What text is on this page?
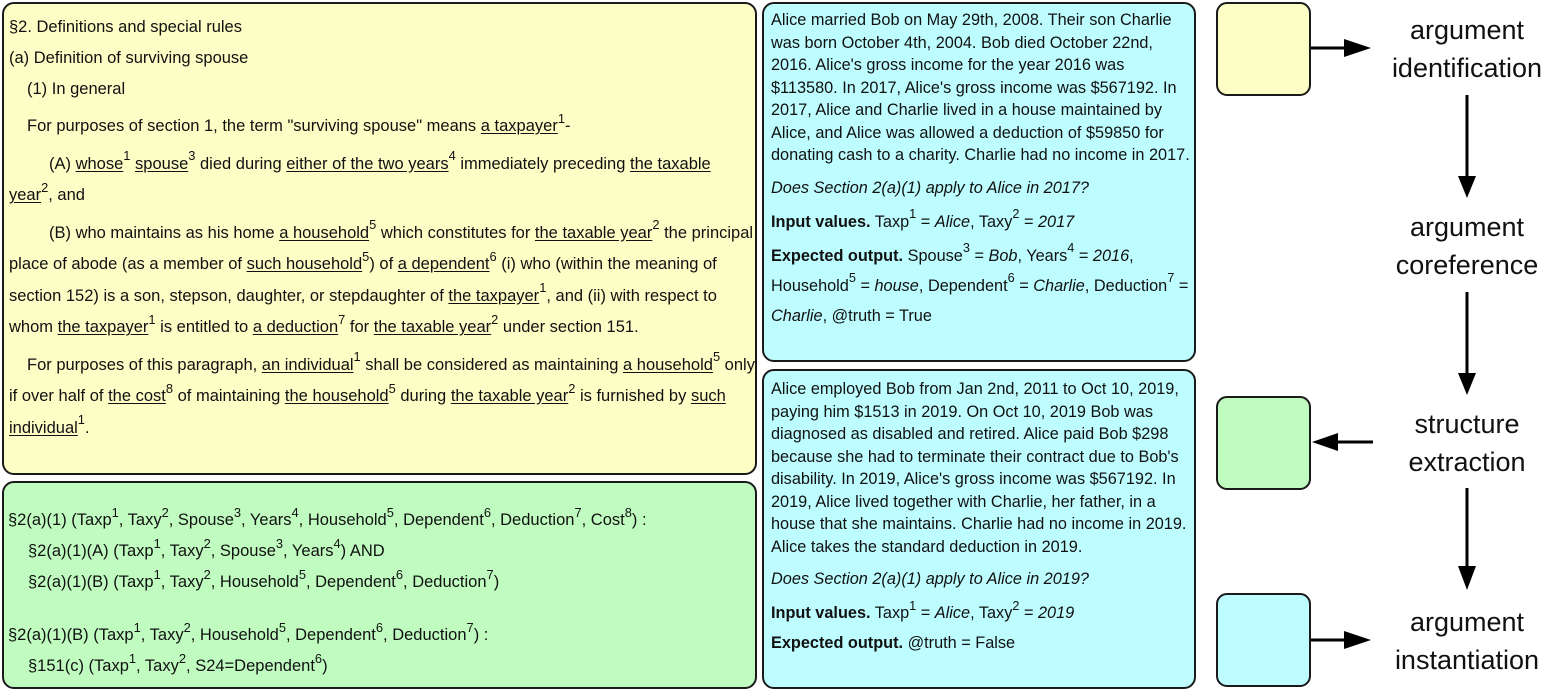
§2. Definitions and special rules

(a) Definition of surviving spouse

(1) In general

For purposes of section 1, the term "surviving spouse" means a taxpayer$^1$-

(A) whose$^1$ spouse$^3$ died during either of the two years$^4$ immediately preceding the taxable year$^2$, and

(B) who maintains as his home a household$^5$ which constitutes for the taxable year$^2$ the principal place of abode (as a member of such household$^5$) of a dependent$^6$ (i) who (within the meaning of section 152) is a son, stepson, daughter, or stepdaughter of the taxpayer$^1$, and (ii) with respect to whom the taxpayer$^1$ is entitled to a deduction$^7$ for the taxable year$^2$ under section 151.

For purposes of this paragraph, an individual$^1$ shall be considered as maintaining a household$^5$ only if over half of the cost$^8$ of maintaining the household$^5$ during the taxable year$^2$ is furnished by such individual$^1$.

§2(a)(1) (Taxp$^1$, Taxy$^2$, Spouse$^3$, Years$^4$, Household$^5$, Dependent$^6$, Deduction$^7$, Cost$^8$) :
§2(a)(1)(A) (Taxp$^1$, Taxy$^2$, Spouse$^3$, Years$^4$) AND
§2(a)(1)(B) (Taxp$^1$, Taxy$^2$, Household$^5$, Dependent$^6$, Deduction$^7$)
§2(a)(1)(B) (Taxp$^1$, Taxy$^2$, Household$^5$, Dependent$^6$, Deduction$^7$) :
§151(c) (Taxp$^1$, Taxy$^2$, S24=Dependent$^6$)
Alice married Bob on May 29th, 2008. Their son Charlie was born October 4th, 2004. Bob died October 22nd, 2016. Alice's gross income for the year 2016 was $113580. In 2017, Alice's gross income was $567192. In 2017, Alice and Charlie lived in a house maintained by Alice, and Alice was allowed a deduction of $59850 for donating cash to a charity. Charlie had no income in 2017.
Does Section 2(a)(1) apply to Alice in 2017?
Input values. Taxp$^1$ = Alice, Taxy$^2$ = 2017
Expected output. Spouse$^3$ = Bob, Years$^4$ = 2016, Household$^5$ = house, Dependent$^6$ = Charlie, Deduction$^7$ = Charlie, @truth = True
Alice employed Bob from Jan 2nd, 2011 to Oct 10, 2019, paying him $1513 in 2019. On Oct 10, 2019 Bob was diagnosed as disabled and retired. Alice paid Bob $298 because she had to terminate their contract due to Bob's disability. In 2019, Alice's gross income was $567192. In 2019, Alice lived together with Charlie, her father, in a house that she maintains. Charlie had no income in 2019. Alice takes the standard deduction in 2019.
Does Section 2(a)(1) apply to Alice in 2019?
Input values. Taxp$^1$ = Alice, Taxy$^2$ = 2019
Expected output. @truth = False
argument
identification
argument
coreference
structure
extraction
argument
instantiation
